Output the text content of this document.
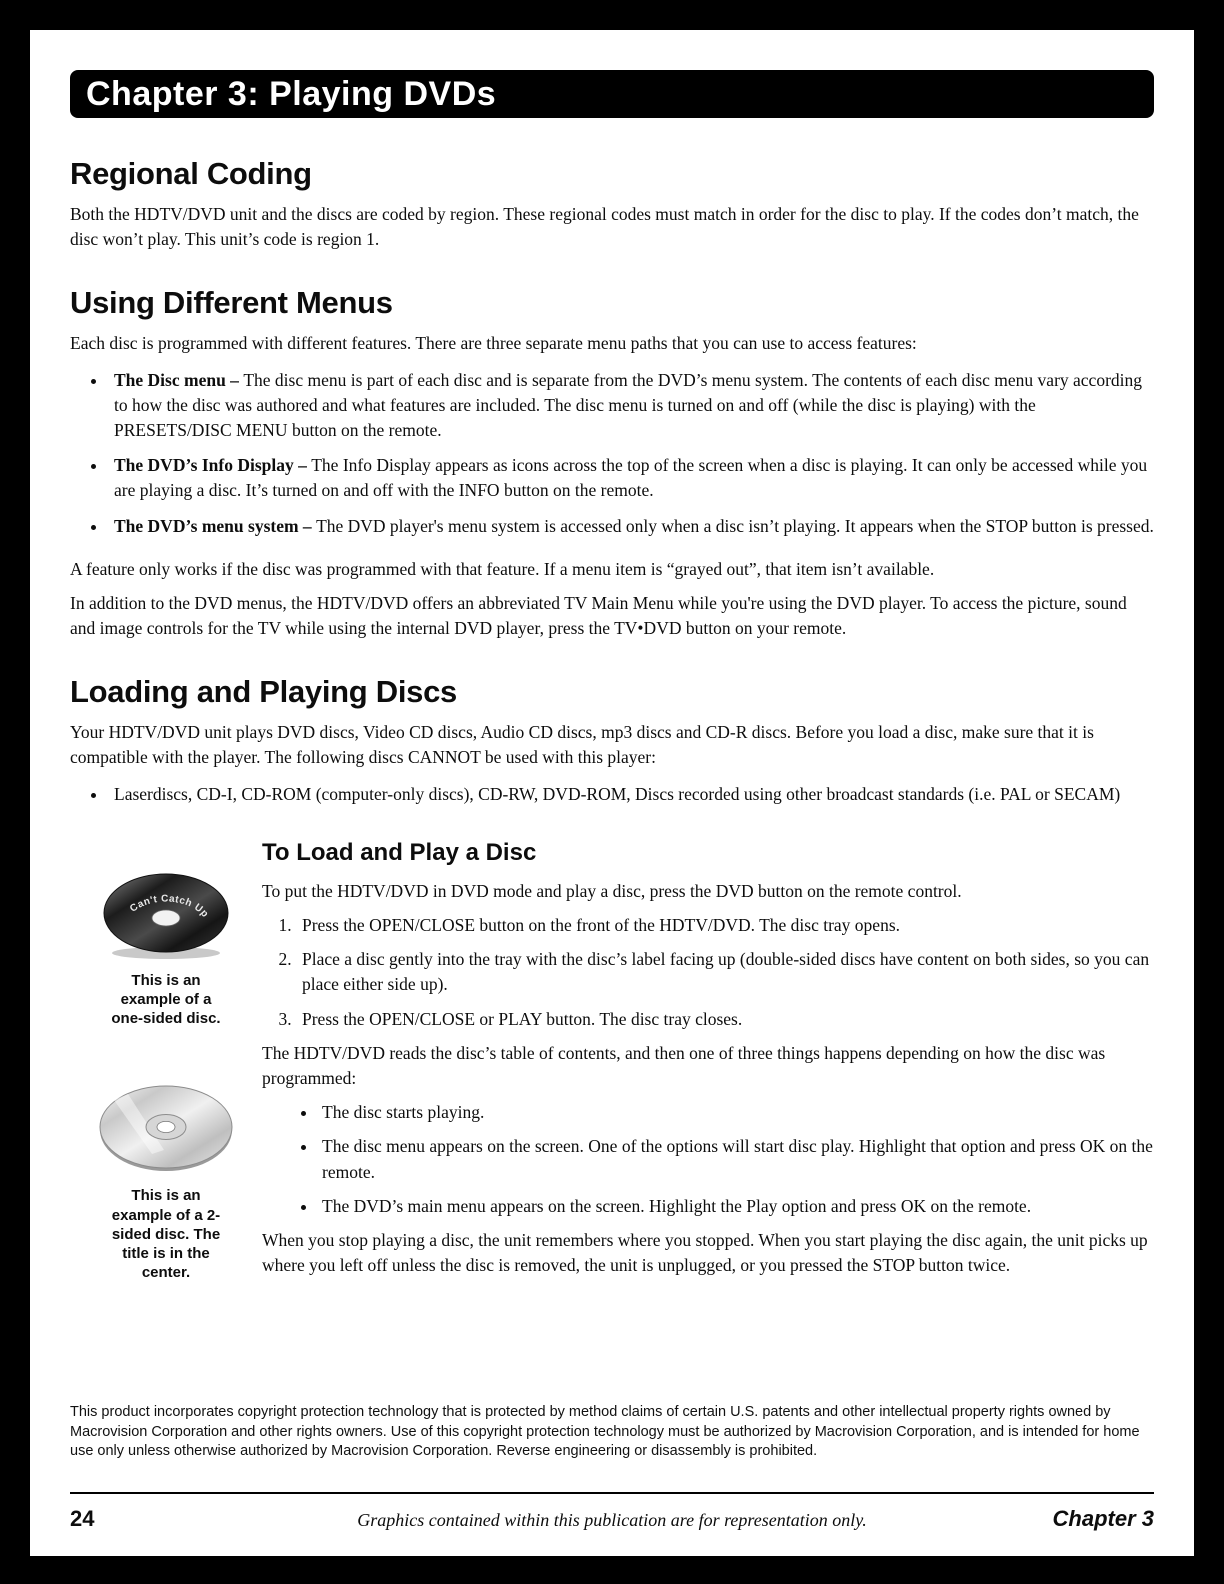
Chapter 3: Playing DVDs
Regional Coding

Both the HDTV/DVD unit and the discs are coded by region. These regional codes must match in order for the disc to play. If the codes don’t match, the disc won’t play. This unit’s code is region 1.

Using Different Menus

Each disc is programmed with different features. There are three separate menu paths that you can use to access features:

• The Disc menu – The disc menu is part of each disc and is separate from the DVD’s menu system. The contents of each disc menu vary according to how the disc was authored and what features are included. The disc menu is turned on and off (while the disc is playing) with the PRESETS/DISC MENU button on the remote.
• The DVD’s Info Display – The Info Display appears as icons across the top of the screen when a disc is playing. It can only be accessed while you are playing a disc. It’s turned on and off with the INFO button on the remote.
• The DVD’s menu system – The DVD player's menu system is accessed only when a disc isn’t playing. It appears when the STOP button is pressed.

A feature only works if the disc was programmed with that feature. If a menu item is “grayed out”, that item isn’t available.

In addition to the DVD menus, the HDTV/DVD offers an abbreviated TV Main Menu while you're using the DVD player. To access the picture, sound and image controls for the TV while using the internal DVD player, press the TV•DVD button on your remote.

Loading and Playing Discs

Your HDTV/DVD unit plays DVD discs, Video CD discs, Audio CD discs, mp3 discs and CD-R discs. Before you load a disc, make sure that it is compatible with the player. The following discs CANNOT be used with this player:

• Laserdiscs, CD-I, CD-ROM (computer-only discs), CD-RW, DVD-ROM, Discs recorded using other broadcast standards (i.e. PAL or SECAM)
Can't Catch Up
This is an example of a one-sided disc.
This is an example of a 2-sided disc. The title is in the center.
To Load and Play a Disc

To put the HDTV/DVD in DVD mode and play a disc, press the DVD button on the remote control.

1. Press the OPEN/CLOSE button on the front of the HDTV/DVD. The disc tray opens.
2. Place a disc gently into the tray with the disc’s label facing up (double-sided discs have content on both sides, so you can place either side up).
3. Press the OPEN/CLOSE or PLAY button. The disc tray closes.

The HDTV/DVD reads the disc’s table of contents, and then one of three things happens depending on how the disc was programmed:

• The disc starts playing.
• The disc menu appears on the screen. One of the options will start disc play. Highlight that option and press OK on the remote.
• The DVD’s main menu appears on the screen. Highlight the Play option and press OK on the remote.

When you stop playing a disc, the unit remembers where you stopped. When you start playing the disc again, the unit picks up where you left off unless the disc is removed, the unit is unplugged, or you pressed the STOP button twice.

This product incorporates copyright protection technology that is protected by method claims of certain U.S. patents and other intellectual property rights owned by Macrovision Corporation and other rights owners. Use of this copyright protection technology must be authorized by Macrovision Corporation, and is intended for home use only unless otherwise authorized by Macrovision Corporation. Reverse engineering or disassembly is prohibited.

24	Graphics contained within this publication are for representation only.	Chapter 3
